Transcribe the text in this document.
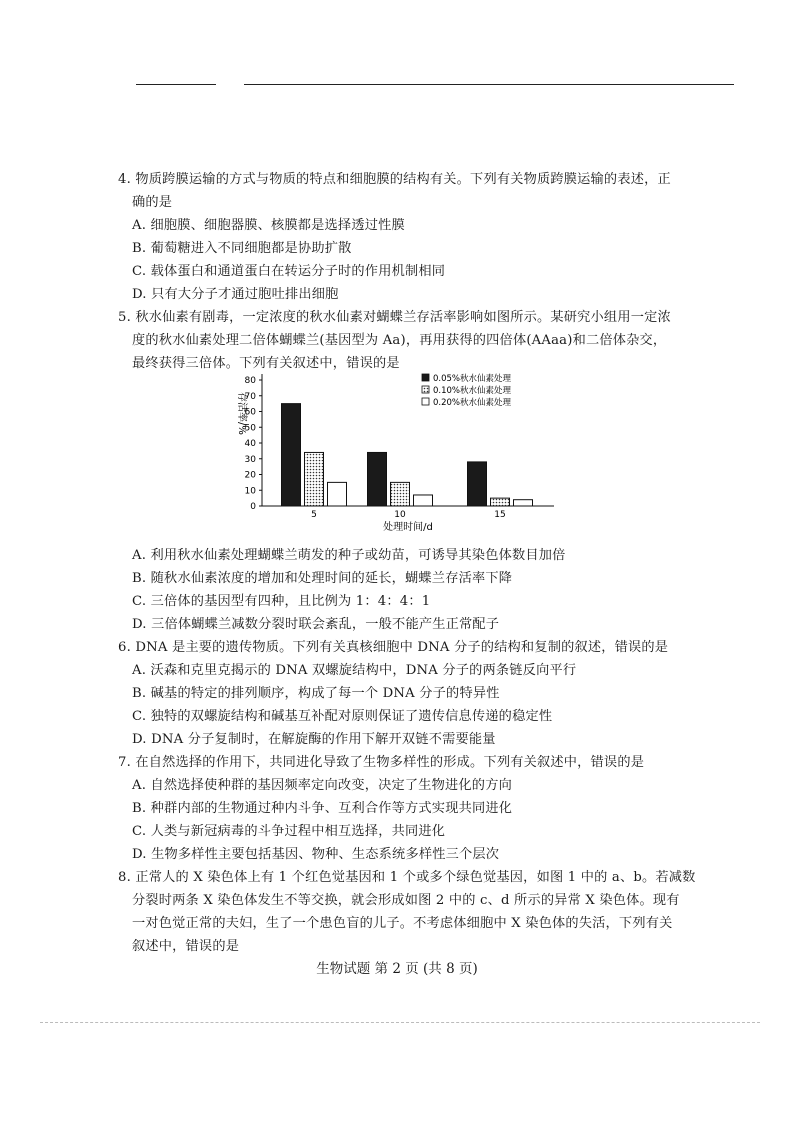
4. 物质跨膜运输的方式与物质的特点和细胞膜的结构有关。下列有关物质跨膜运输的表述，正
确的是
A. 细胞膜、细胞器膜、核膜都是选择透过性膜
B. 葡萄糖进入不同细胞都是协助扩散
C. 载体蛋白和通道蛋白在转运分子时的作用机制相同
D. 只有大分子才通过胞吐排出细胞
5. 秋水仙素有剧毒，一定浓度的秋水仙素对蝴蝶兰存活率影响如图所示。某研究小组用一定浓
度的秋水仙素处理二倍体蝴蝶兰(基因型为 Aa)，再用获得的四倍体(AAaa)和二倍体杂交，
最终获得三倍体。下列有关叙述中，错误的是
存活率/%
0
10
20
30
40
50
60
70
80
5	10	15
处理时间/d
0.05%秋水仙素处理
0.10%秋水仙素处理
0.20%秋水仙素处理
A. 利用秋水仙素处理蝴蝶兰萌发的种子或幼苗，可诱导其染色体数目加倍
B. 随秋水仙素浓度的增加和处理时间的延长，蝴蝶兰存活率下降
C. 三倍体的基因型有四种，且比例为 1：4：4：1
D. 三倍体蝴蝶兰减数分裂时联会紊乱，一般不能产生正常配子
6. DNA 是主要的遗传物质。下列有关真核细胞中 DNA 分子的结构和复制的叙述，错误的是
A. 沃森和克里克揭示的 DNA 双螺旋结构中，DNA 分子的两条链反向平行
B. 碱基的特定的排列顺序，构成了每一个 DNA 分子的特异性
C. 独特的双螺旋结构和碱基互补配对原则保证了遗传信息传递的稳定性
D. DNA 分子复制时，在解旋酶的作用下解开双链不需要能量
7. 在自然选择的作用下，共同进化导致了生物多样性的形成。下列有关叙述中，错误的是
A. 自然选择使种群的基因频率定向改变，决定了生物进化的方向
B. 种群内部的生物通过种内斗争、互利合作等方式实现共同进化
C. 人类与新冠病毒的斗争过程中相互选择，共同进化
D. 生物多样性主要包括基因、物种、生态系统多样性三个层次
8. 正常人的 X 染色体上有 1 个红色觉基因和 1 个或多个绿色觉基因，如图 1 中的 a、b。若减数
分裂时两条 X 染色体发生不等交换，就会形成如图 2 中的 c、d 所示的异常 X 染色体。现有
一对色觉正常的夫妇，生了一个患色盲的儿子。不考虑体细胞中 X 染色体的失活，下列有关
叙述中，错误的是
生物试题 第 2 页 (共 8 页)
